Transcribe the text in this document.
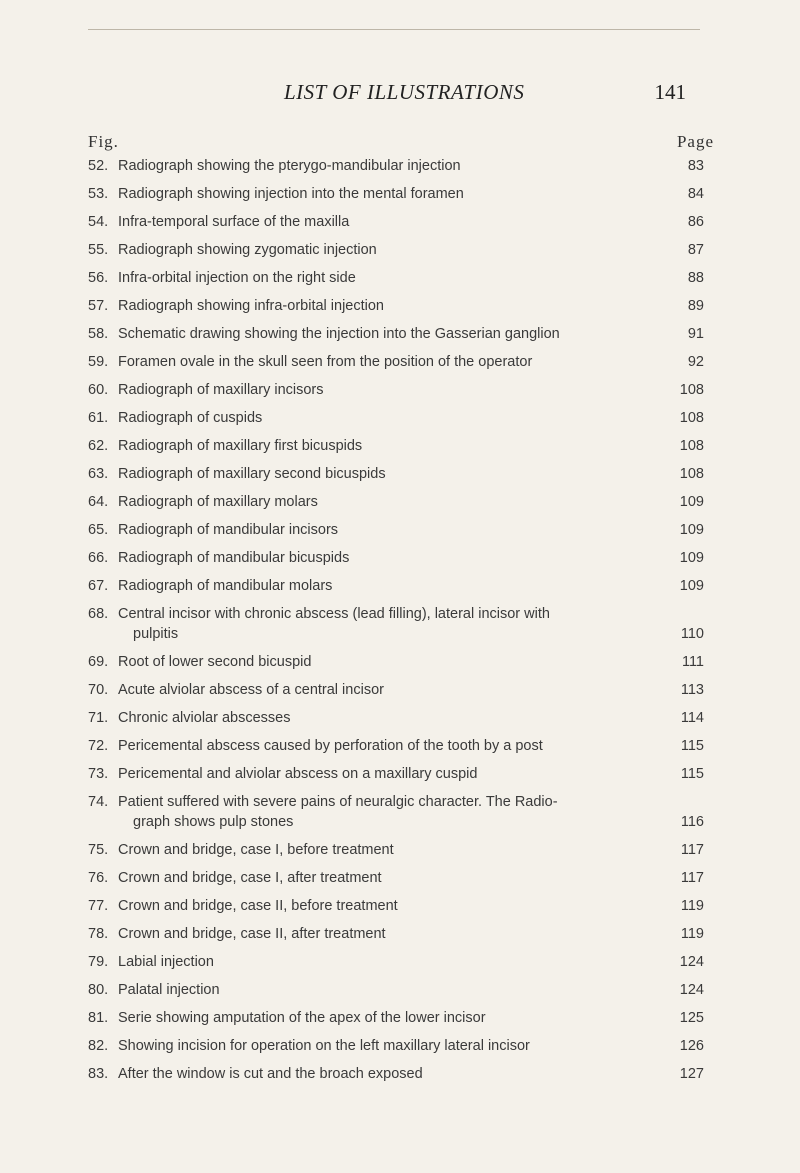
LIST OF ILLUSTRATIONS	141
Fig.	Page
52. Radiograph showing the pterygo-mandibular injection	83
53. Radiograph showing injection into the mental foramen	84
54. Infra-temporal surface of the maxilla	86
55. Radiograph showing zygomatic injection	87
56. Infra-orbital injection on the right side	88
57. Radiograph showing infra-orbital injection	89
58. Schematic drawing showing the injection into the Gasserian ganglion	91
59. Foramen ovale in the skull seen from the position of the operator	92
60. Radiograph of maxillary incisors	108
61. Radiograph of cuspids	108
62. Radiograph of maxillary first bicuspids	108
63. Radiograph of maxillary second bicuspids	108
64. Radiograph of maxillary molars	109
65. Radiograph of mandibular incisors	109
66. Radiograph of mandibular bicuspids	109
67. Radiograph of mandibular molars	109
68. Central incisor with chronic abscess (lead filling), lateral incisor with
pulpitis	110
69. Root of lower second bicuspid	111
70. Acute alviolar abscess of a central incisor	113
71. Chronic alviolar abscesses	114
72. Pericemental abscess caused by perforation of the tooth by a post	115
73. Pericemental and alviolar abscess on a maxillary cuspid	115
74. Patient suffered with severe pains of neuralgic character. The Radio-
graph shows pulp stones	116
75. Crown and bridge, case I, before treatment	117
76. Crown and bridge, case I, after treatment	117
77. Crown and bridge, case II, before treatment	119
78. Crown and bridge, case II, after treatment	119
79. Labial injection	124
80. Palatal injection	124
81. Serie showing amputation of the apex of the lower incisor	125
82. Showing incision for operation on the left maxillary lateral incisor	126
83. After the window is cut and the broach exposed	127
